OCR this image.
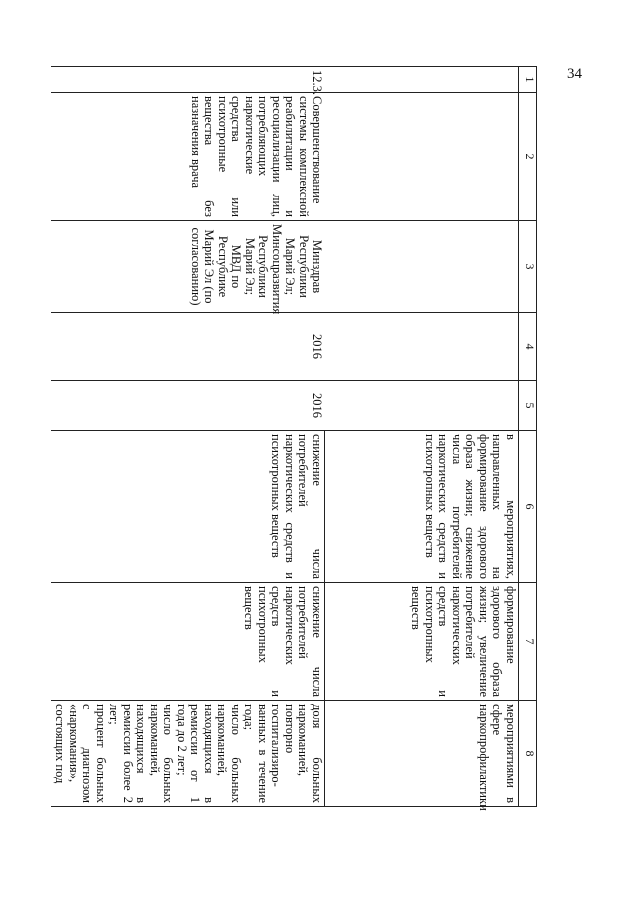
34
1	2	3	4	5	6	7	8
					в мероприятиях, направленных на формирование здорового образа жизни; снижение числа потребителей наркотических средств и психотропных веществ	формирование здорового образа жизни; увеличение потребителей наркотических средств и психотропных веществ	мероприятиями в сфере наркопрофилактики
12.3.	Совершенствование системы комплексной реабилитации и ресоциализации лиц, потребляющих наркотические средства или психотропные вещества без назначения врача	Минздрав Республики Марий Эл; Минсоцразвития Республики Марий Эл; МВД по Республике Марий Эл (по согласованию)	2016	2016	снижение числа потребителей наркотических средств и психотропных веществ	снижение числа потребителей наркотических средств и психотропных веществ	доля больных наркоманией, повторно госпитализиро-ванных в течение года;
число больных наркоманией, находящихся в ремиссии от 1 года до 2 лет;
число больных наркоманией, находящихся в ремиссии более 2 лет;
процент больных с диагнозом «наркомания», состоящих под
